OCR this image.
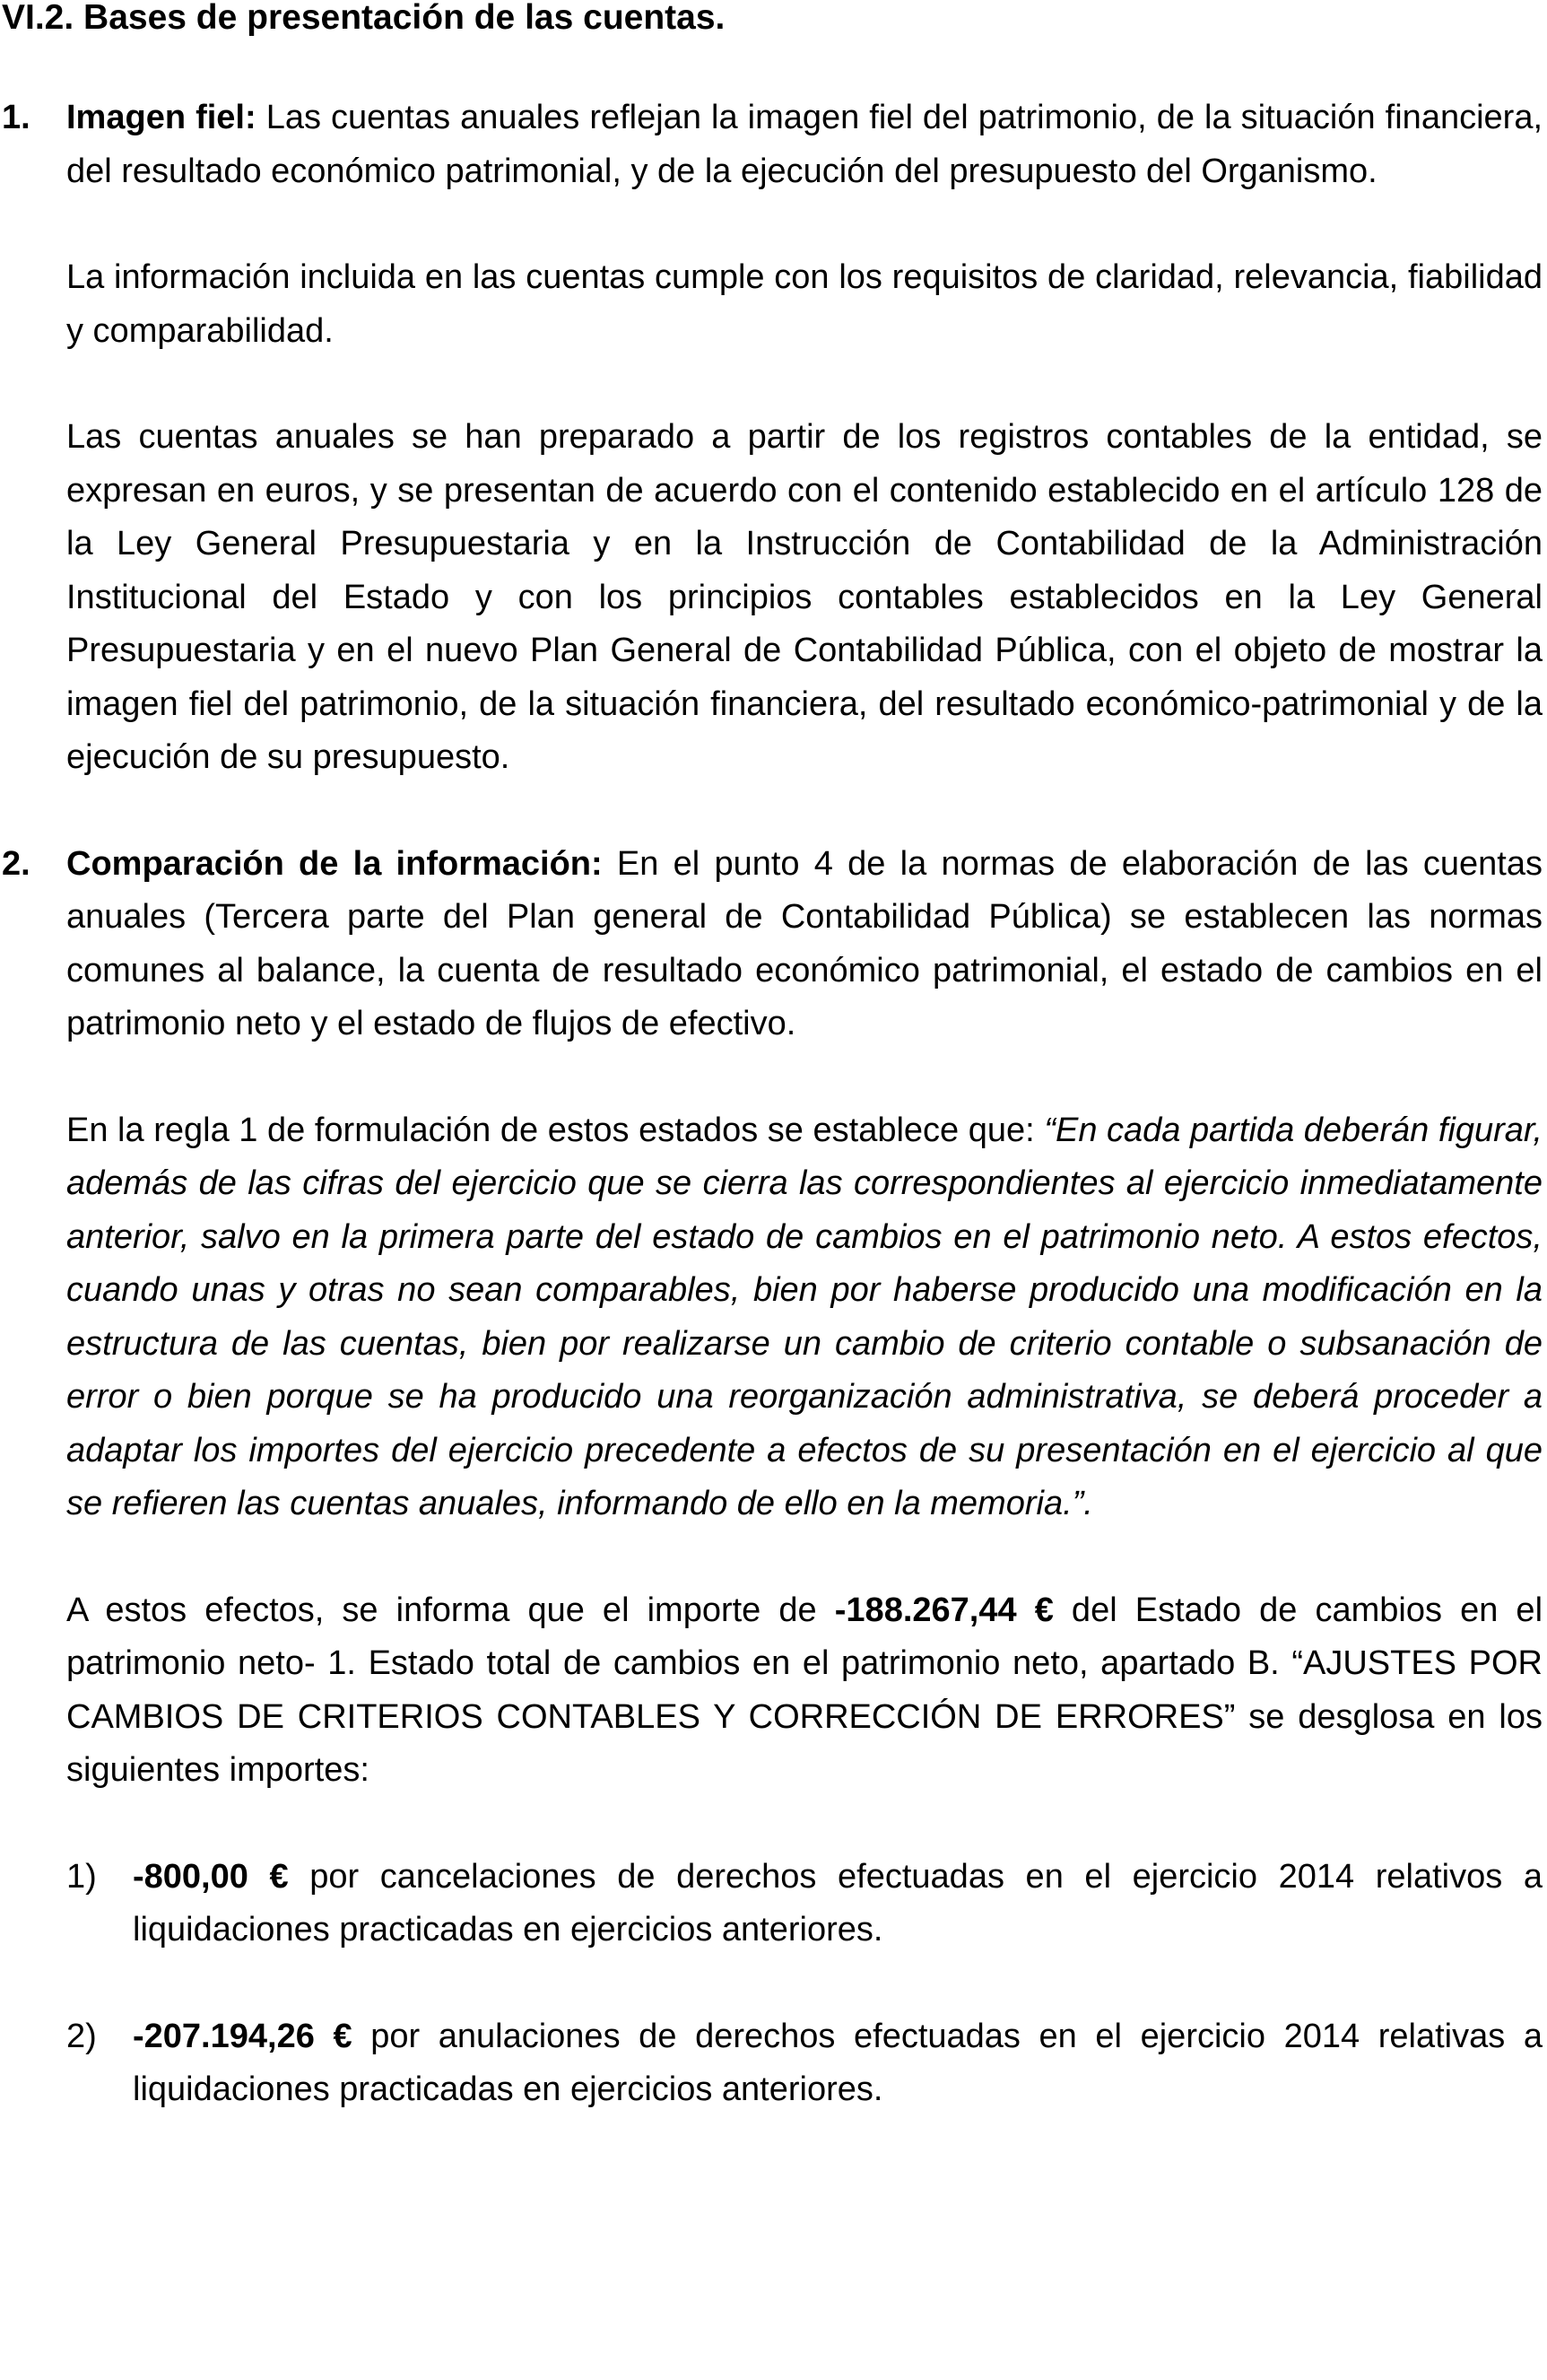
VI.2. Bases de presentación de las cuentas.
1.	Imagen fiel: Las cuentas anuales reflejan la imagen fiel del patrimonio, de la situación financiera, del resultado económico patrimonial, y de la ejecución del presupuesto del Organismo.

La información incluida en las cuentas cumple con los requisitos de claridad, relevancia, fiabilidad y comparabilidad.

Las cuentas anuales se han preparado a partir de los registros contables de la entidad, se expresan en euros, y se presentan de acuerdo con el contenido establecido en el artículo 128 de la Ley General Presupuestaria y en la Instrucción de Contabilidad de la Administración Institucional del Estado y con los principios contables establecidos en la Ley General Presupuestaria y en el nuevo Plan General de Contabilidad Pública, con el objeto de mostrar la imagen fiel del patrimonio, de la situación financiera, del resultado económico-patrimonial y de la ejecución de su presupuesto.

2.	Comparación de la información: En el punto 4 de la normas de elaboración de las cuentas anuales (Tercera parte del Plan general de Contabilidad Pública) se establecen las normas comunes al balance, la cuenta de resultado económico patrimonial, el estado de cambios en el patrimonio neto y el estado de flujos de efectivo.

En la regla 1 de formulación de estos estados se establece que: “En cada partida deberán figurar, además de las cifras del ejercicio que se cierra las correspondientes al ejercicio inmediatamente anterior, salvo en la primera parte del estado de cambios en el patrimonio neto. A estos efectos, cuando unas y otras no sean comparables, bien por haberse producido una modificación en la estructura de las cuentas, bien por realizarse un cambio de criterio contable o subsanación de error o bien porque se ha producido una reorganización administrativa, se deberá proceder a adaptar los importes del ejercicio precedente a efectos de su presentación en el ejercicio al que se refieren las cuentas anuales, informando de ello en la memoria.”.

A estos efectos, se informa que el importe de -188.267,44 € del Estado de cambios en el patrimonio neto- 1. Estado total de cambios en el patrimonio neto, apartado B. “AJUSTES POR CAMBIOS DE CRITERIOS CONTABLES Y CORRECCIÓN DE ERRORES” se desglosa en los siguientes importes:

1)	-800,00 € por cancelaciones de derechos efectuadas en el ejercicio 2014 relativos a liquidaciones practicadas en ejercicios anteriores.

2)	-207.194,26 € por anulaciones de derechos efectuadas en el ejercicio 2014 relativas a liquidaciones practicadas en ejercicios anteriores.
